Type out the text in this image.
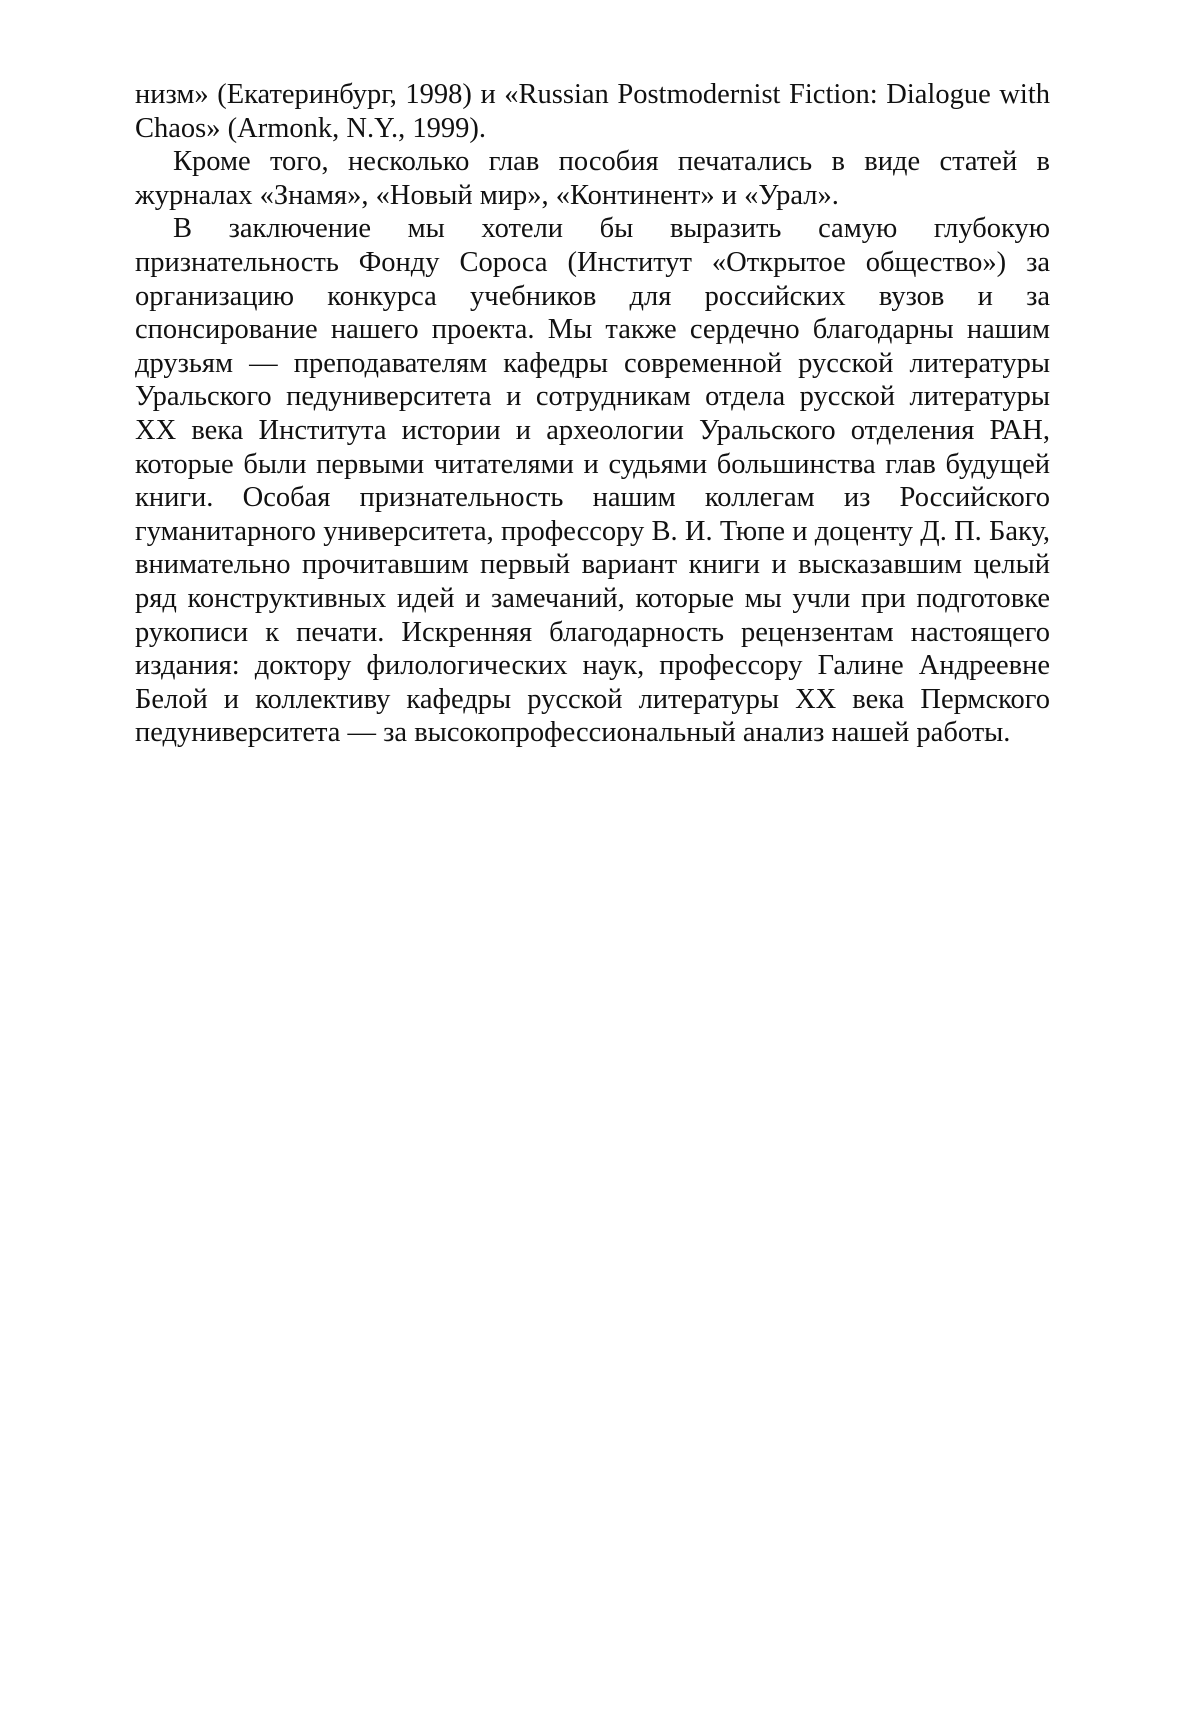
низм» (Екатеринбург, 1998) и «Russian Postmodernist Fiction: Dialogue with Chaos» (Armonk, N.Y., 1999).

Кроме того, несколько глав пособия печатались в виде статей в журналах «Знамя», «Новый мир», «Континент» и «Урал».

В заключение мы хотели бы выразить самую глубокую признательность Фонду Сороса (Институт «Открытое общество») за организацию конкурса учебников для российских вузов и за спонсирование нашего проекта. Мы также сердечно благодарны нашим друзьям — преподавателям кафедры современной русской литературы Уральского педуниверситета и сотрудникам отдела русской литературы XX века Института истории и археологии Уральского отделения РАН, которые были первыми читателями и судьями большинства глав будущей книги. Особая признательность нашим коллегам из Российского гуманитарного университета, профессору В. И. Тюпе и доценту Д. П. Баку, внимательно прочитавшим первый вариант книги и высказавшим целый ряд конструктивных идей и замечаний, которые мы учли при подготовке рукописи к печати. Искренняя благодарность рецензентам настоящего издания: доктору филологических наук, профессору Галине Андреевне Белой и коллективу кафедры русской литературы XX века Пермского педуниверситета — за высокопрофессиональный анализ нашей работы.
